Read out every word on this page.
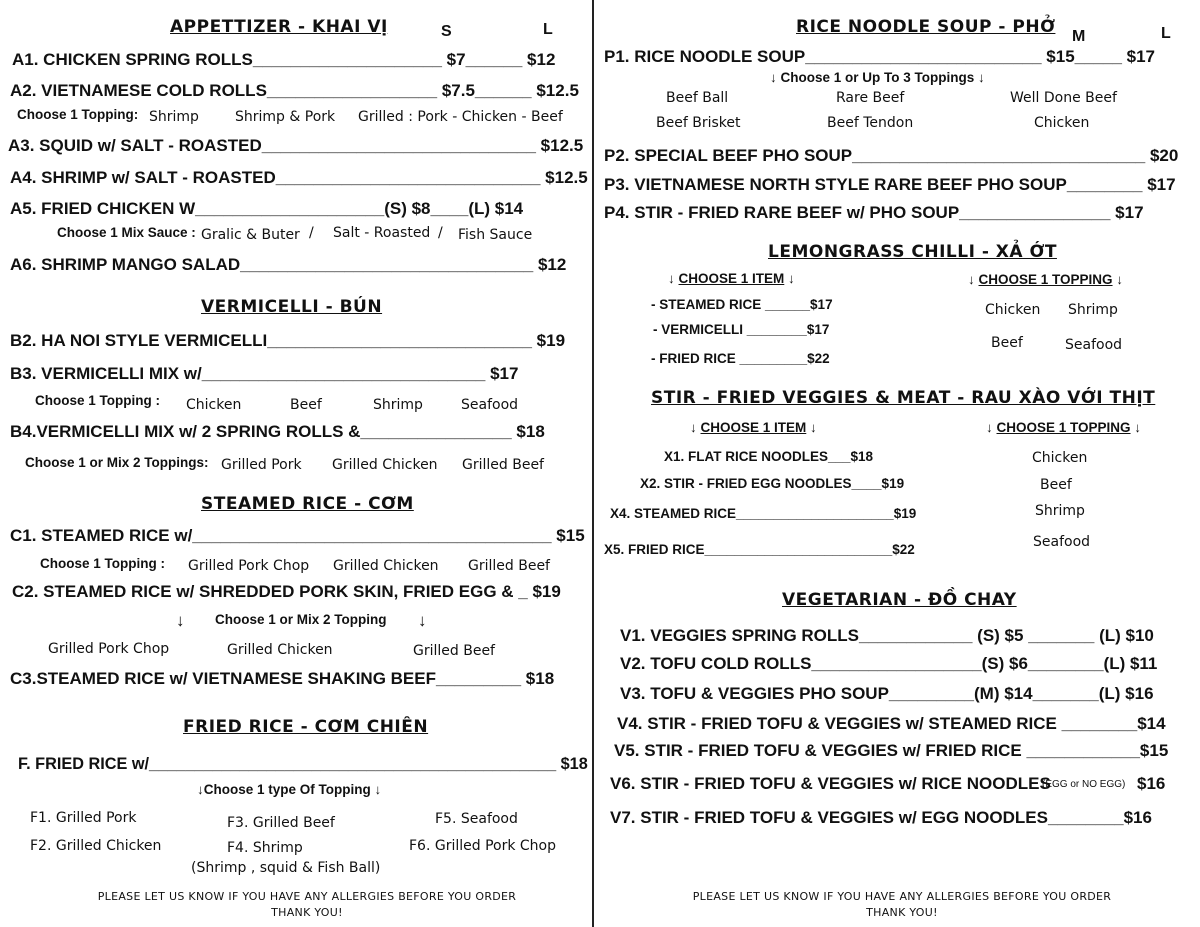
APPETTIZER - KHAI VỊ	S	L
A1. CHICKEN SPRING ROLLS____________________ $7______ $12
A2. VIETNAMESE COLD ROLLS__________________ $7.5______ $12.5
Choose 1 Topping: Shrimp	Shrimp & Pork Grilled : Pork - Chicken - Beef
A3. SQUID w/ SALT - ROASTED_____________________________ $12.5
A4. SHRIMP w/ SALT - ROASTED____________________________ $12.5
A5. FRIED CHICKEN W____________________(S) $8____(L) $14
Choose 1 Mix Sauce : Gralic & Buter / Salt - Roasted / Fish Sauce
A6. SHRIMP MANGO SALAD_______________________________ $12
VERMICELLI - BÚN
B2. HA NOI STYLE VERMICELLI____________________________ $19
B3. VERMICELLI MIX w/______________________________ $17
Choose 1 Topping : Chicken	Beef	Shrimp	Seafood
B4.VERMICELLI MIX w/ 2 SPRING ROLLS &________________ $18
Choose 1 or Mix 2 Toppings: Grilled Pork Grilled Chicken Grilled Beef
STEAMED RICE - CƠM
C1. STEAMED RICE w/______________________________________ $15
Choose 1 Topping : Grilled Pork Chop Grilled Chicken Grilled Beef
C2. STEAMED RICE w/ SHREDDED PORK SKIN, FRIED EGG & _ $19
↓ Choose 1 or Mix 2 Topping ↓
Grilled Pork Chop	Grilled Chicken	Grilled Beef
C3.STEAMED RICE w/ VIETNAMESE SHAKING BEEF_________ $18
FRIED RICE - CƠM CHIÊN
F. FRIED RICE w/_____________________________________________ $18
↓Choose 1 type Of Topping ↓
F1. Grilled Pork
F2. Grilled Chicken
F3. Grilled Beef
F4. Shrimp
(Shrimp , squid & Fish Ball)
F5. Seafood
F6. Grilled Pork Chop
PLEASE LET US KNOW IF YOU HAVE ANY ALLERGIES BEFORE YOU ORDER
THANK YOU!
RICE NOODLE SOUP - PHỞ M	L
P1. RICE NOODLE SOUP_________________________ $15_____ $17
↓ Choose 1 or Up To 3 Toppings ↓
Beef Ball	Rare Beef	Well Done Beef
Beef Brisket	Beef Tendon	Chicken
P2. SPECIAL BEEF PHO SOUP_______________________________ $20
P3. VIETNAMESE NORTH STYLE RARE BEEF PHO SOUP________ $17
P4. STIR - FRIED RARE BEEF w/ PHO SOUP________________ $17
LEMONGRASS CHILLI - XẢ ỚT
↓ CHOOSE 1 ITEM ↓	↓ CHOOSE 1 TOPPING ↓
- STEAMED RICE ______$17
- VERMICELLI ________$17
- FRIED RICE _________$22
Chicken Shrimp
Beef	Seafood
STIR - FRIED VEGGIES & MEAT - RAU XÀO VỚI THỊT
↓ CHOOSE 1 ITEM ↓	↓ CHOOSE 1 TOPPING ↓
X1. FLAT RICE NOODLES___$18
X2. STIR - FRIED EGG NOODLES____$19
X4. STEAMED RICE_____________________$19
X5. FRIED RICE_________________________$22
Chicken
Beef
Shrimp
Seafood
VEGETARIAN - ĐỒ CHAY
V1. VEGGIES SPRING ROLLS____________ (S) $5 _______ (L) $10
V2. TOFU COLD ROLLS__________________(S) $6________(L) $11
V3. TOFU & VEGGIES PHO SOUP_________(M) $14_______(L) $16
V4. STIR - FRIED TOFU & VEGGIES w/ STEAMED RICE ________$14
V5. STIR - FRIED TOFU & VEGGIES w/ FRIED RICE ____________$15
V6. STIR - FRIED TOFU & VEGGIES w/ RICE NOODLES
(EGG or NO EGG) $16
V7. STIR - FRIED TOFU & VEGGIES w/ EGG NOODLES________$16
PLEASE LET US KNOW IF YOU HAVE ANY ALLERGIES BEFORE YOU ORDER
THANK YOU!
